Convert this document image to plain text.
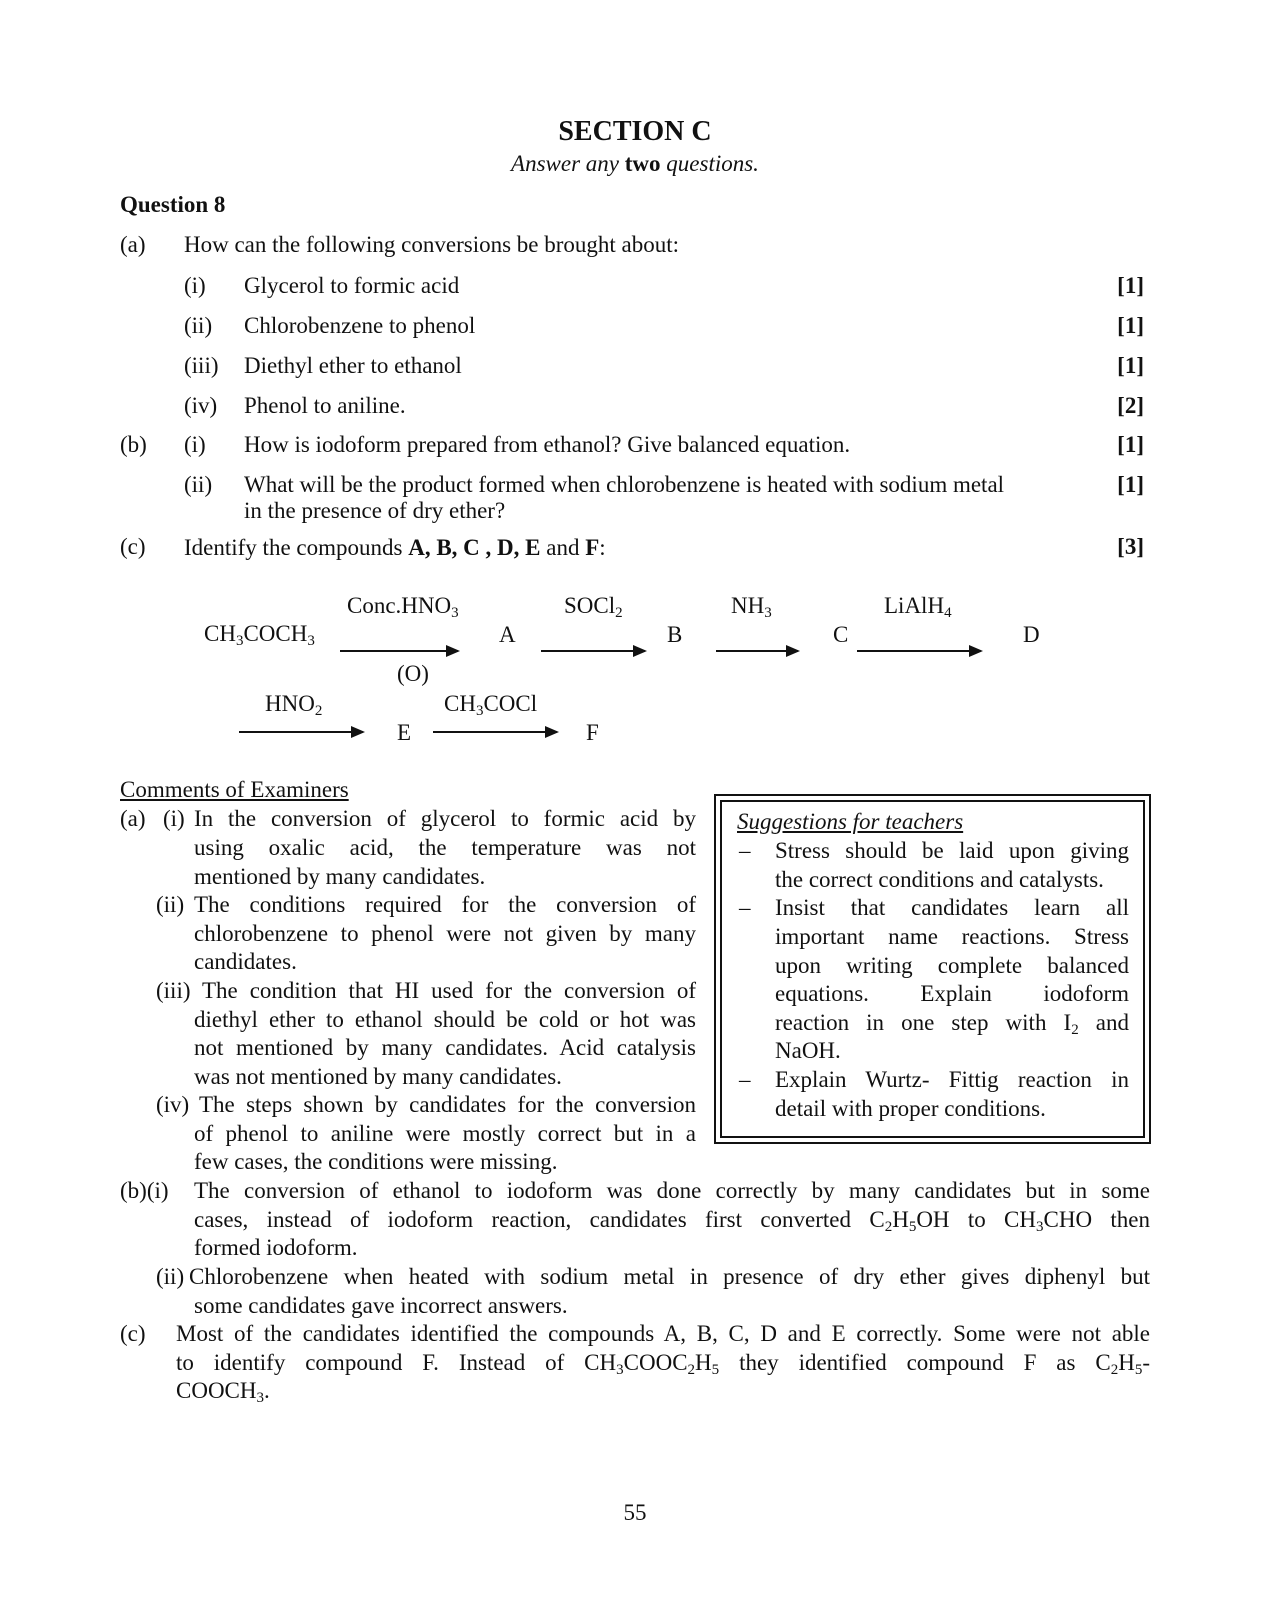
SECTION C
Answer any two questions.
Question 8
(a) How can the following conversions be brought about:
(i) Glycerol to formic acid	[1]
(ii) Chlorobenzene to phenol	[1]
(iii) Diethyl ether to ethanol	[1]
(iv) Phenol to aniline.	[2]
(b) (i) How is iodoform prepared from ethanol? Give balanced equation.	[1]
(ii) What will be the product formed when chlorobenzene is heated with sodium metal
in the presence of dry ether?
[1]
(c) Identify the compounds A, B, C , D, E and F:	[3]
$CH_3COCH_3$
$Conc.HNO_3$
(O)
A
SOCl$_2$
B
$NH_3$
C
LiAlH$_4$
D
$HNO_2$
E
$CH_3COCl$
F
Comments of Examiners
(a) (i) In the conversion of glycerol to formic acid by
using oxalic acid, the temperature was not
mentioned by many candidates.
(ii) The conditions required for the conversion of
chlorobenzene to phenol were not given by many
candidates.
(iii) The condition that HI used for the conversion of
diethyl ether to ethanol should be cold or hot was
not mentioned by many candidates. Acid catalysis
was not mentioned by many candidates.
(iv) The steps shown by candidates for the conversion
of phenol to aniline were mostly correct but in a
few cases, the conditions were missing.
(b)(i) The conversion of ethanol to iodoform was done correctly by many candidates but in some
cases, instead of iodoform reaction, candidates first converted $C_2H_5OH$ to $CH_3CHO$ then
formed iodoform.
(ii) Chlorobenzene when heated with sodium metal in presence of dry ether gives diphenyl but
some candidates gave incorrect answers.
(c) Most of the candidates identified the compounds A, B, C, D and E correctly. Some were not able
to identify compound F. Instead of $CH_3COOC_2H_5$ they identified compound F as $C_2H_5-$
$COOCH_3$.
Suggestions for teachers
– Stress should be laid upon giving
the correct conditions and catalysts.
– Insist that candidates learn all
important name reactions. Stress
upon writing complete balanced
equations. Explain iodoform
reaction in one step with $I_2$ and
NaOH.
– Explain Wurtz- Fittig reaction in
detail with proper conditions.
55
